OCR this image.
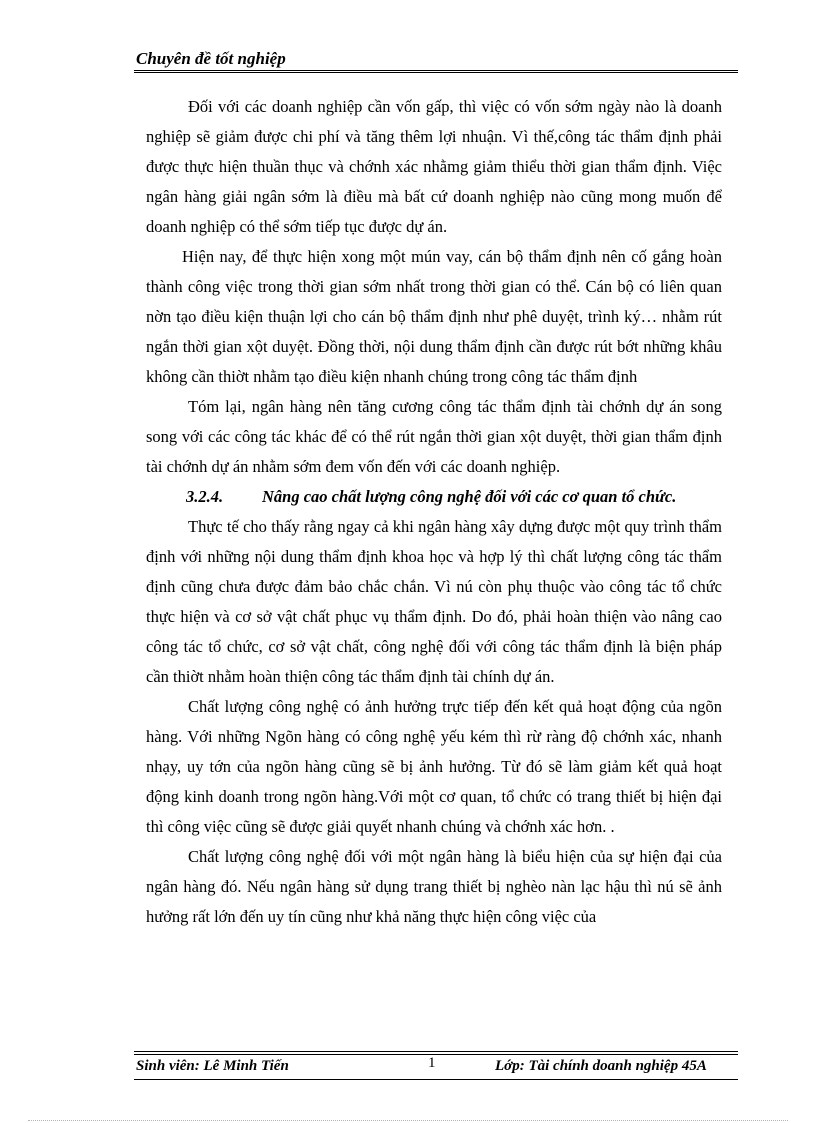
Chuyên đề tốt nghiệp

Đối với các doanh nghiệp cần vốn gấp, thì việc có vốn sớm ngày nào là doanh nghiệp sẽ giảm được chi phí và tăng thêm lợi nhuận. Vì thế,công tác thẩm định phải được thực hiện thuần thục và chớnh xác nhằmg giảm thiểu thời gian thẩm định. Việc ngân hàng giải ngân sớm là điều mà bất cứ doanh nghiệp nào cũng mong muốn để doanh nghiệp có thể sớm tiếp tục được dự án.

Hiện nay, để thực hiện xong một mún vay, cán bộ thẩm định nên cố gắng hoàn thành công việc trong thời gian sớm nhất trong thời gian có thể. Cán bộ có liên quan nờn tạo điều kiện thuận lợi cho cán bộ thẩm định như phê duyệt, trình ký… nhằm rút ngắn thời gian xột duyệt. Đồng thời, nội dung thẩm định cần được rút bớt những khâu không cần thiờt nhằm tạo điều kiện nhanh chúng trong công tác thẩm định

Tóm lại, ngân hàng nên tăng cương công tác thẩm định tài chớnh dự án song song với các công tác khác để có thể rút ngắn thời gian xột duyệt, thời gian thẩm định tài chớnh dự án nhằm sớm đem vốn đến với các doanh nghiệp.

3.2.4. Nâng cao chất lượng công nghệ đối với các cơ quan tổ chức.

Thực tế cho thấy rằng ngay cả khi ngân hàng xây dựng được một quy trình thẩm định với những nội dung thẩm định khoa học và hợp lý thì chất lượng công tác thẩm định cũng chưa được đảm bảo chắc chắn. Vì nú còn phụ thuộc vào công tác tổ chức thực hiện và cơ sở vật chất phục vụ thẩm định. Do đó, phải hoàn thiện vào nâng cao công tác tổ chức, cơ sở vật chất, công nghệ đối với công tác thẩm định là biện pháp cần thiờt nhằm hoàn thiện công tác thẩm định tài chính dự án.

Chất lượng công nghệ có ảnh hưởng trực tiếp đến kết quả hoạt động của ngõn hàng. Với những Ngõn hàng có công nghệ yếu kém thì rừ ràng độ chớnh xác, nhanh nhạy, uy tớn của ngõn hàng cũng sẽ bị ảnh hưởng. Từ đó sẽ làm giảm kết quả hoạt động kinh doanh trong ngõn hàng.Với một cơ quan, tổ chức có trang thiết bị hiện đại thì công việc cũng sẽ được giải quyết nhanh chúng và chớnh xác hơn. .

Chất lượng công nghệ đối với một ngân hàng là biểu hiện của sự hiện đại của ngân hàng đó. Nếu ngân hàng sử dụng trang thiết bị nghèo nàn lạc hậu thì nú sẽ ảnh hưởng rất lớn đến uy tín cũng như khả năng thực hiện công việc của

Sinh viên: Lê Minh Tiến	1	Lớp: Tài chính doanh nghiệp 45A
